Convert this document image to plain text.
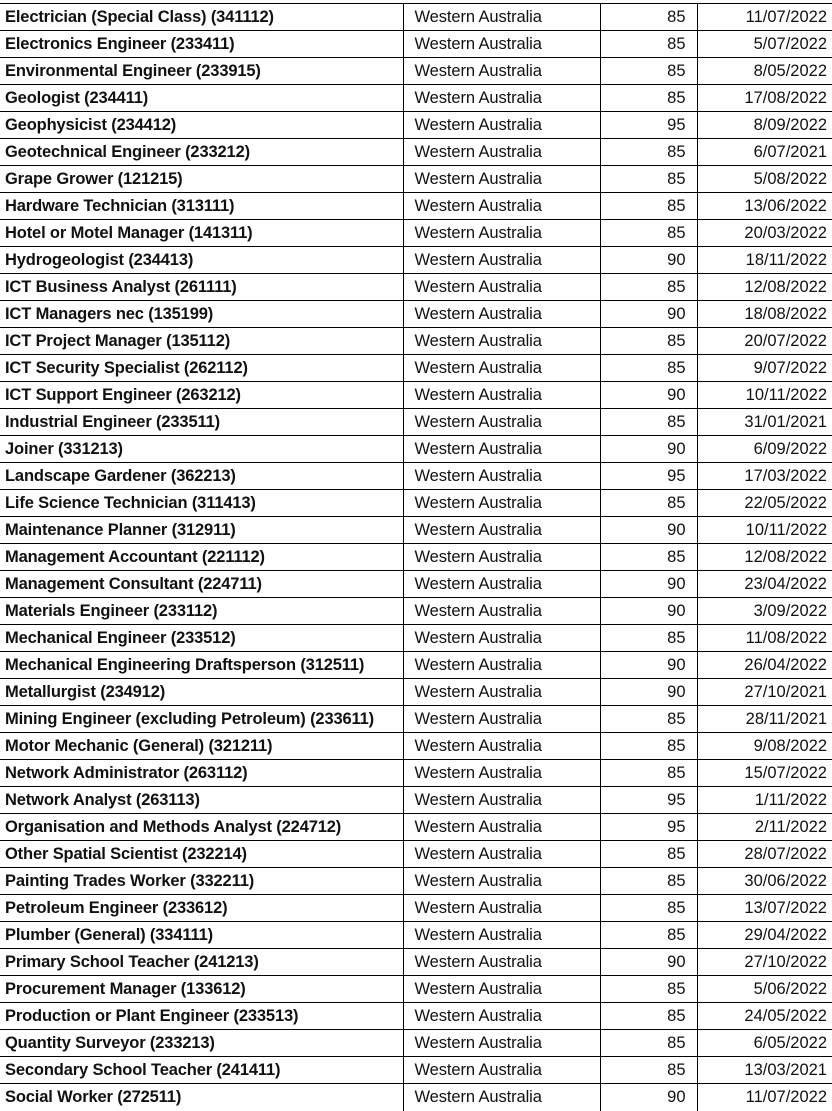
Electrician (Special Class) (341112)	Western Australia	85	11/07/2022
Electronics Engineer (233411)	Western Australia	85	5/07/2022
Environmental Engineer (233915)	Western Australia	85	8/05/2022
Geologist (234411)	Western Australia	85	17/08/2022
Geophysicist (234412)	Western Australia	95	8/09/2022
Geotechnical Engineer (233212)	Western Australia	85	6/07/2021
Grape Grower (121215)	Western Australia	85	5/08/2022
Hardware Technician (313111)	Western Australia	85	13/06/2022
Hotel or Motel Manager (141311)	Western Australia	85	20/03/2022
Hydrogeologist (234413)	Western Australia	90	18/11/2022
ICT Business Analyst (261111)	Western Australia	85	12/08/2022
ICT Managers nec (135199)	Western Australia	90	18/08/2022
ICT Project Manager (135112)	Western Australia	85	20/07/2022
ICT Security Specialist (262112)	Western Australia	85	9/07/2022
ICT Support Engineer (263212)	Western Australia	90	10/11/2022
Industrial Engineer (233511)	Western Australia	85	31/01/2021
Joiner (331213)	Western Australia	90	6/09/2022
Landscape Gardener (362213)	Western Australia	95	17/03/2022
Life Science Technician (311413)	Western Australia	85	22/05/2022
Maintenance Planner (312911)	Western Australia	90	10/11/2022
Management Accountant (221112)	Western Australia	85	12/08/2022
Management Consultant (224711)	Western Australia	90	23/04/2022
Materials Engineer (233112)	Western Australia	90	3/09/2022
Mechanical Engineer (233512)	Western Australia	85	11/08/2022
Mechanical Engineering Draftsperson (312511)	Western Australia	90	26/04/2022
Metallurgist (234912)	Western Australia	90	27/10/2021
Mining Engineer (excluding Petroleum) (233611)	Western Australia	85	28/11/2021
Motor Mechanic (General) (321211)	Western Australia	85	9/08/2022
Network Administrator (263112)	Western Australia	85	15/07/2022
Network Analyst (263113)	Western Australia	95	1/11/2022
Organisation and Methods Analyst (224712)	Western Australia	95	2/11/2022
Other Spatial Scientist (232214)	Western Australia	85	28/07/2022
Painting Trades Worker (332211)	Western Australia	85	30/06/2022
Petroleum Engineer (233612)	Western Australia	85	13/07/2022
Plumber (General) (334111)	Western Australia	85	29/04/2022
Primary School Teacher (241213)	Western Australia	90	27/10/2022
Procurement Manager (133612)	Western Australia	85	5/06/2022
Production or Plant Engineer (233513)	Western Australia	85	24/05/2022
Quantity Surveyor (233213)	Western Australia	85	6/05/2022
Secondary School Teacher (241411)	Western Australia	85	13/03/2021
Social Worker (272511)	Western Australia	90	11/07/2022
